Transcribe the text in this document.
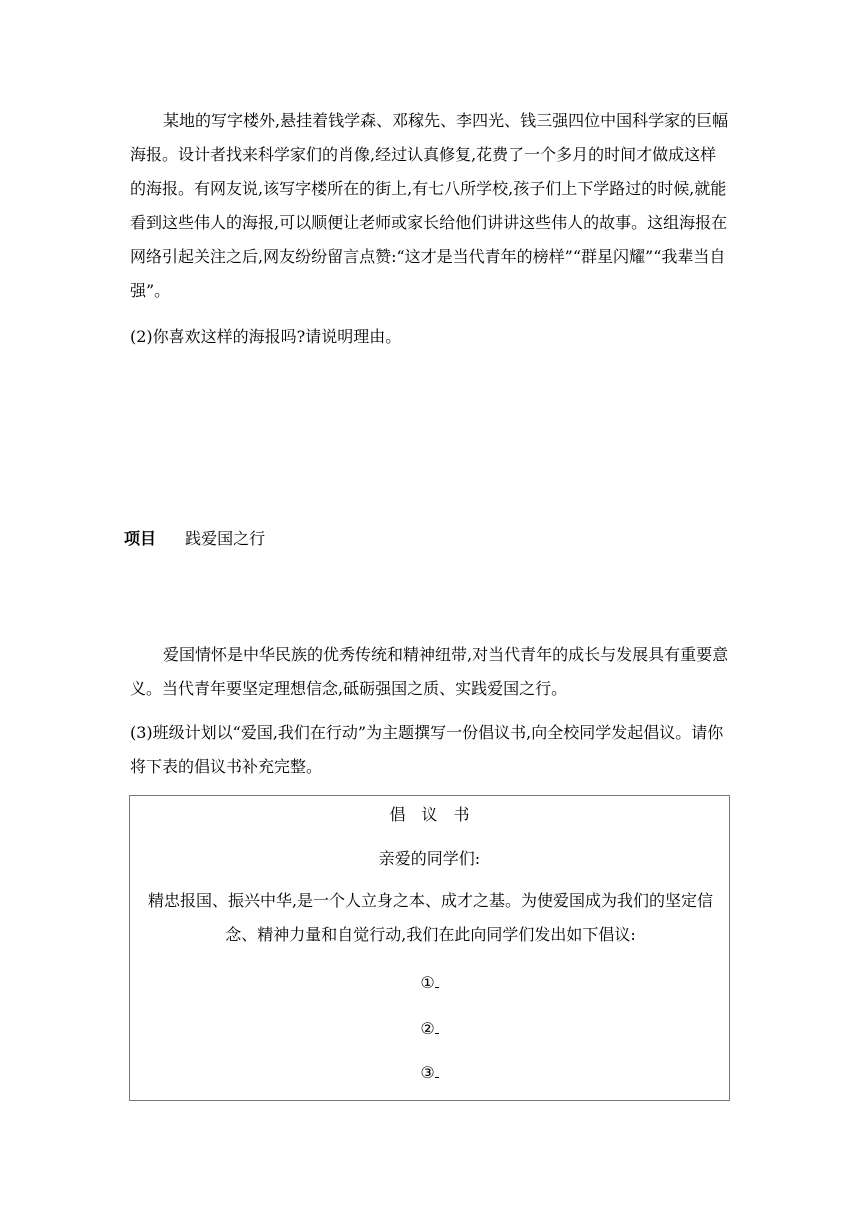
某地的写字楼外,悬挂着钱学森、邓稼先、李四光、钱三强四位中国科学家的巨幅海报。设计者找来科学家们的肖像,经过认真修复,花费了一个多月的时间才做成这样的海报。有网友说,该写字楼所在的街上,有七八所学校,孩子们上下学路过的时候,就能看到这些伟人的海报,可以顺便让老师或家长给他们讲讲这些伟人的故事。这组海报在网络引起关注之后,网友纷纷留言点赞:“这才是当代青年的榜样”“群星闪耀”“我辈当自强”。

(2)你喜欢这样的海报吗?请说明理由。

项目 践爱国之行

爱国情怀是中华民族的优秀传统和精神纽带,对当代青年的成长与发展具有重要意义。当代青年要坚定理想信念,砥砺强国之质、实践爱国之行。

(3)班级计划以“爱国,我们在行动”为主题撰写一份倡议书,向全校同学发起倡议。请你将下表的倡议书补充完整。

倡　议　书
亲爱的同学们:
精忠报国、振兴中华,是一个人立身之本、成才之基。为使爱国成为我们的坚定信念、精神力量和自觉行动,我们在此向同学们发出如下倡议:
①
②
③
